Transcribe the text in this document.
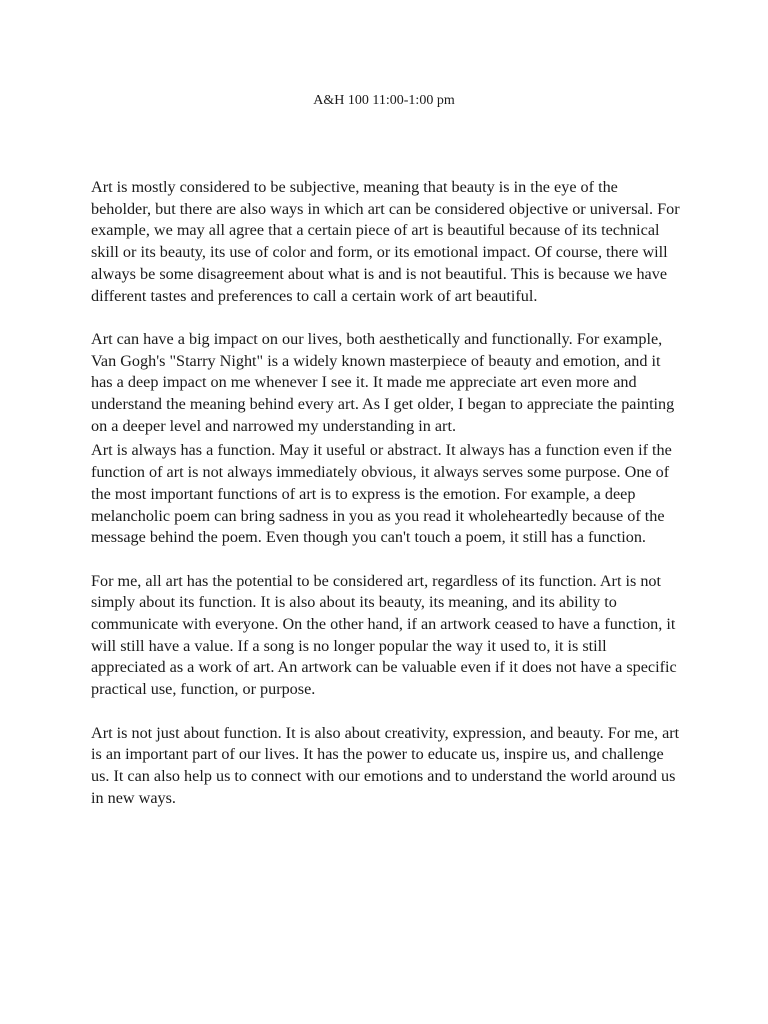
A&H 100 11:00-1:00 pm

Art is mostly considered to be subjective, meaning that beauty is in the eye of the beholder, but there are also ways in which art can be considered objective or universal. For example, we may all agree that a certain piece of art is beautiful because of its technical skill or its beauty, its use of color and form, or its emotional impact. Of course, there will always be some disagreement about what is and is not beautiful. This is because we have different tastes and preferences to call a certain work of art beautiful.

Art can have a big impact on our lives, both aesthetically and functionally. For example, Van Gogh's "Starry Night" is a widely known masterpiece of beauty and emotion, and it has a deep impact on me whenever I see it. It made me appreciate art even more and understand the meaning behind every art. As I get older, I began to appreciate the painting on a deeper level and narrowed my understanding in art.

Art is always has a function. May it useful or abstract. It always has a function even if the function of art is not always immediately obvious, it always serves some purpose. One of the most important functions of art is to express is the emotion. For example, a deep melancholic poem can bring sadness in you as you read it wholeheartedly because of the message behind the poem. Even though you can't touch a poem, it still has a function.

For me, all art has the potential to be considered art, regardless of its function. Art is not simply about its function. It is also about its beauty, its meaning, and its ability to communicate with everyone. On the other hand, if an artwork ceased to have a function, it will still have a value. If a song is no longer popular the way it used to, it is still appreciated as a work of art. An artwork can be valuable even if it does not have a specific practical use, function, or purpose.

Art is not just about function. It is also about creativity, expression, and beauty. For me, art is an important part of our lives. It has the power to educate us, inspire us, and challenge us. It can also help us to connect with our emotions and to understand the world around us in new ways.
